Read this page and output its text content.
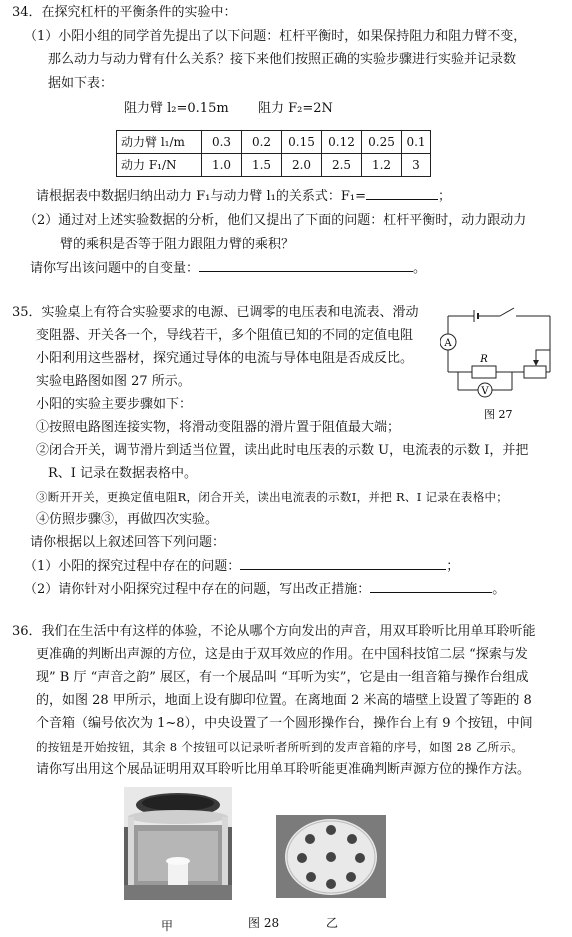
34．在探究杠杆的平衡条件的实验中：
（1）小阳小组的同学首先提出了以下问题：杠杆平衡时，如果保持阻力和阻力臂不变，
那么动力与动力臂有什么关系？接下来他们按照正确的实验步骤进行实验并记录数
据如下表：
阻力臂 l₂=0.15m 阻力 F₂=2N
动力臂 l₁/m	0.3	0.2	0.15	0.12	0.25	0.1
动力 F₁/N	1.0	1.5	2.0	2.5	1.2	3
请根据表中数据归纳出动力 F₁与动力臂 l₁的关系式：F₁=	；
（2）通过对上述实验数据的分析，他们又提出了下面的问题：杠杆平衡时，动力跟动力
臂的乘积是否等于阻力跟阻力臂的乘积？
请你写出该问题中的自变量：	。
35．实验桌上有符合实验要求的电源、已调零的电压表和电流表、滑动
变阻器、开关各一个，导线若干，多个阻值已知的不同的定值电阻
小阳利用这些器材，探究通过导体的电流与导体电阻是否成反比。
实验电路图如图 27 所示。
小阳的实验主要步骤如下：
①按照电路图连接实物，将滑动变阻器的滑片置于阻值最大端；
②闭合开关，调节滑片到适当位置，读出此时电压表的示数 U，电流表的示数 I，并把
R、I 记录在数据表格中。
③断开开关，更换定值电阻R，闭合开关，读出电流表的示数I，并把 R、I 记录在表格中；
④仿照步骤③，再做四次实验。
请你根据以上叙述回答下列问题：
（1）小阳的探究过程中存在的问题：	；
（2）请你针对小阳探究过程中存在的问题，写出改正措施：	。
A
V
R
图 27
36．我们在生活中有这样的体验，不论从哪个方向发出的声音，用双耳聆听比用单耳聆听能
更准确的判断出声源的方位，这是由于双耳效应的作用。在中国科技馆二层 “探索与发
现” B 厅 “声音之韵” 展区，有一个展品叫 “耳听为实”，它是由一组音箱与操作台组成
的，如图 28 甲所示，地面上设有脚印位置。在离地面 2 米高的墙壁上设置了等距的 8
个音箱（编号依次为 1~8），中央设置了一个圆形操作台，操作台上有 9 个按钮，中间
的按钮是开始按钮，其余 8 个按钮可以记录听者所听到的发声音箱的序号，如图 28 乙所示。
请你写出用这个展品证明用双耳聆听比用单耳聆听能更准确判断声源方位的操作方法。
甲	图 28	乙
